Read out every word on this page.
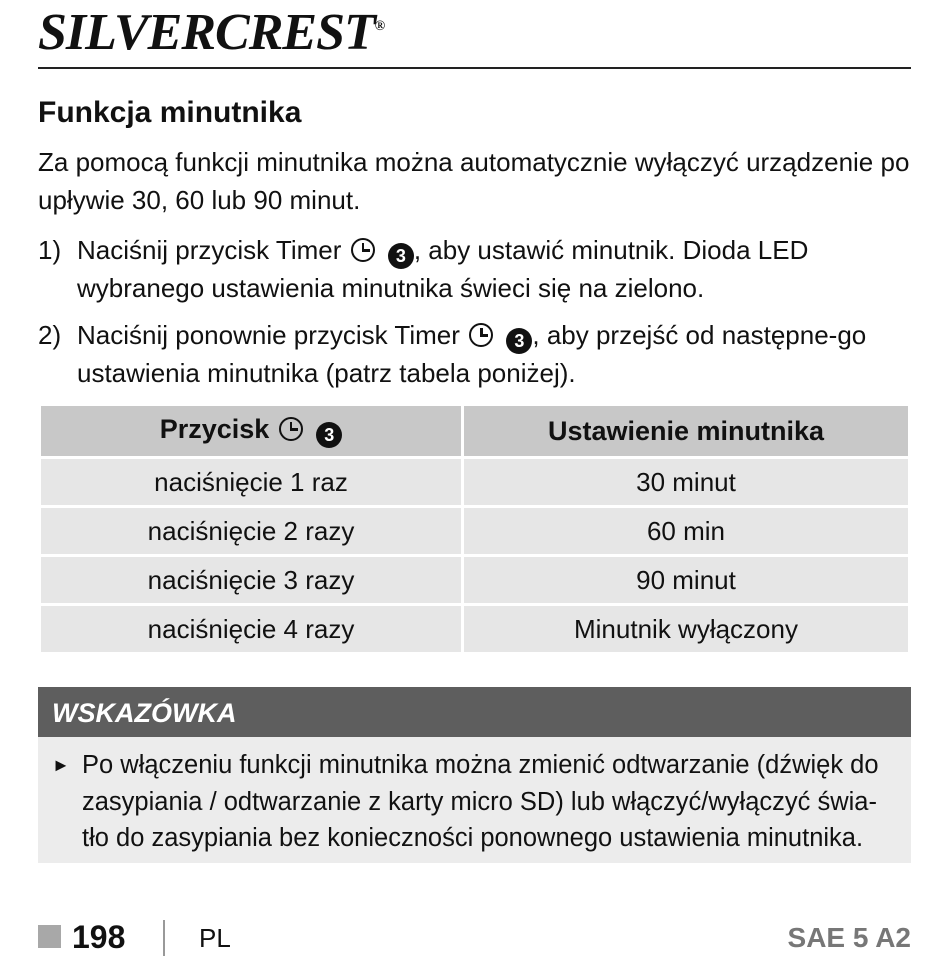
SILVERCREST®
Funkcja minutnika

Za pomocą funkcji minutnika można automatycznie wyłączyć urządzenie po upływie 30, 60 lub 90 minut.

1) Naciśnij przycisk Timer	3 , aby ustawić minutnik. Dioda LED wybranego ustawienia minutnika świeci się na zielono.
2) Naciśnij ponownie przycisk Timer	3 , aby przejść od następne-go ustawienia minutnika (patrz tabela poniżej).
Przycisk 3	Ustawienie minutnika
naciśnięcie 1 raz	30 minut
naciśnięcie 2 razy	60 min
naciśnięcie 3 razy	90 minut
naciśnięcie 4 razy	Minutnik wyłączony
WSKAZÓWKA
► Po włączeniu funkcji minutnika można zmienić odtwarzanie (dźwięk do zasypiania / odtwarzanie z karty micro SD) lub włączyć/wyłączyć świa-tło do zasypiania bez konieczności ponownego ustawienia minutnika.
198	PL	SAE 5 A2
